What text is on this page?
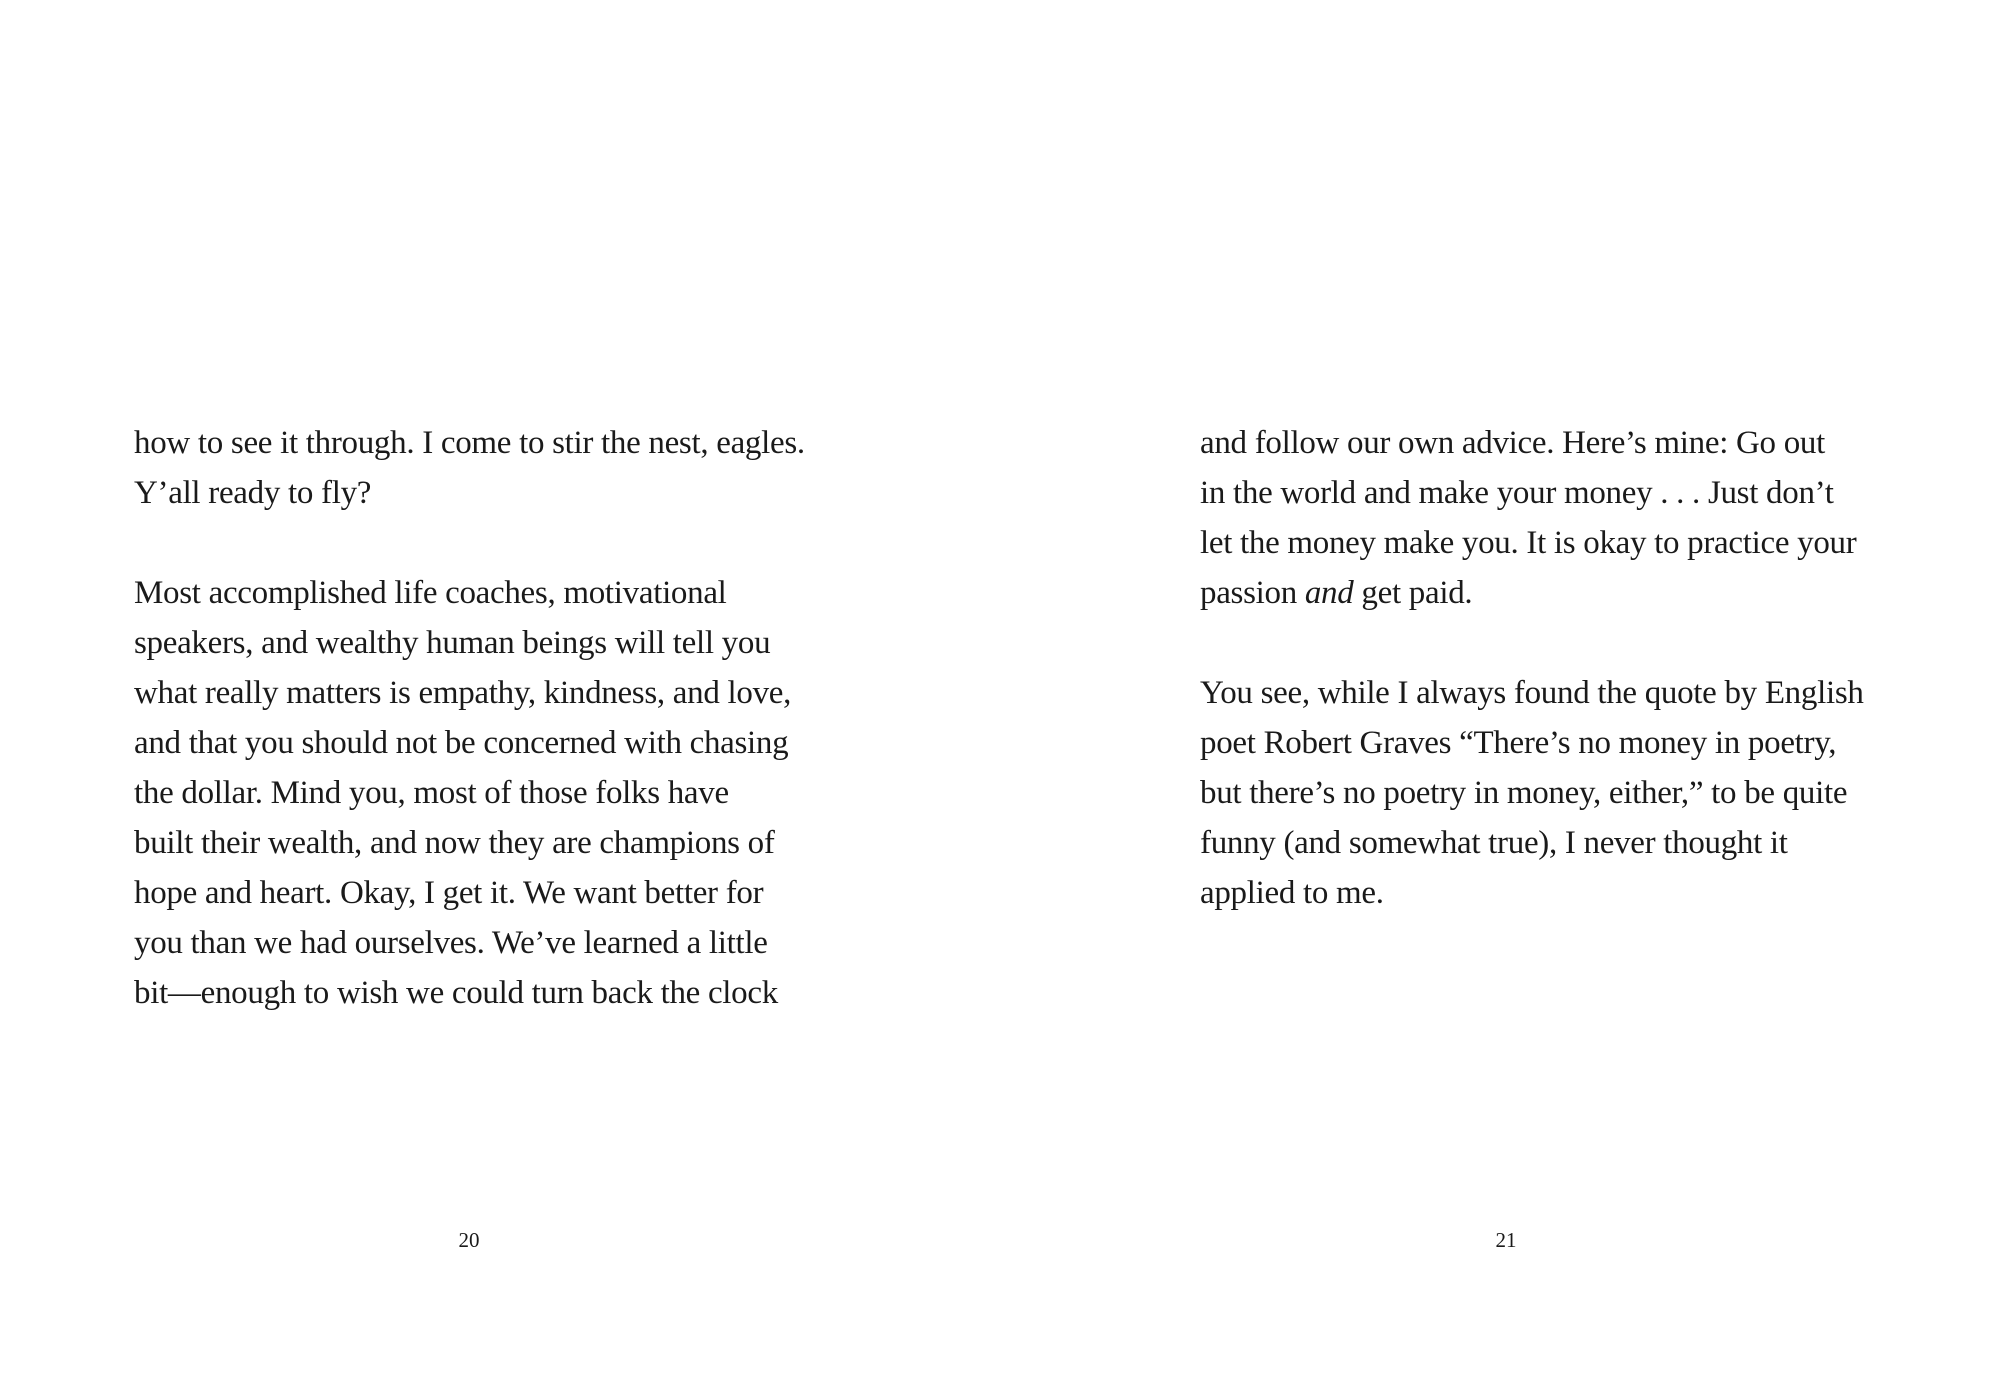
how to see it through. I come to stir the nest, eagles.
Y’all ready to fly?

Most accomplished life coaches, motivational
speakers, and wealthy human beings will tell you
what really matters is empathy, kindness, and love,
and that you should not be concerned with chasing
the dollar. Mind you, most of those folks have
built their wealth, and now they are champions of
hope and heart. Okay, I get it. We want better for
you than we had ourselves. We’ve learned a little
bit—enough to wish we could turn back the clock

20

and follow our own advice. Here’s mine: Go out
in the world and make your money . . . Just don’t
let the money make you. It is okay to practice your
passion and get paid.

You see, while I always found the quote by English
poet Robert Graves “There’s no money in poetry,
but there’s no poetry in money, either,” to be quite
funny (and somewhat true), I never thought it
applied to me.

21
